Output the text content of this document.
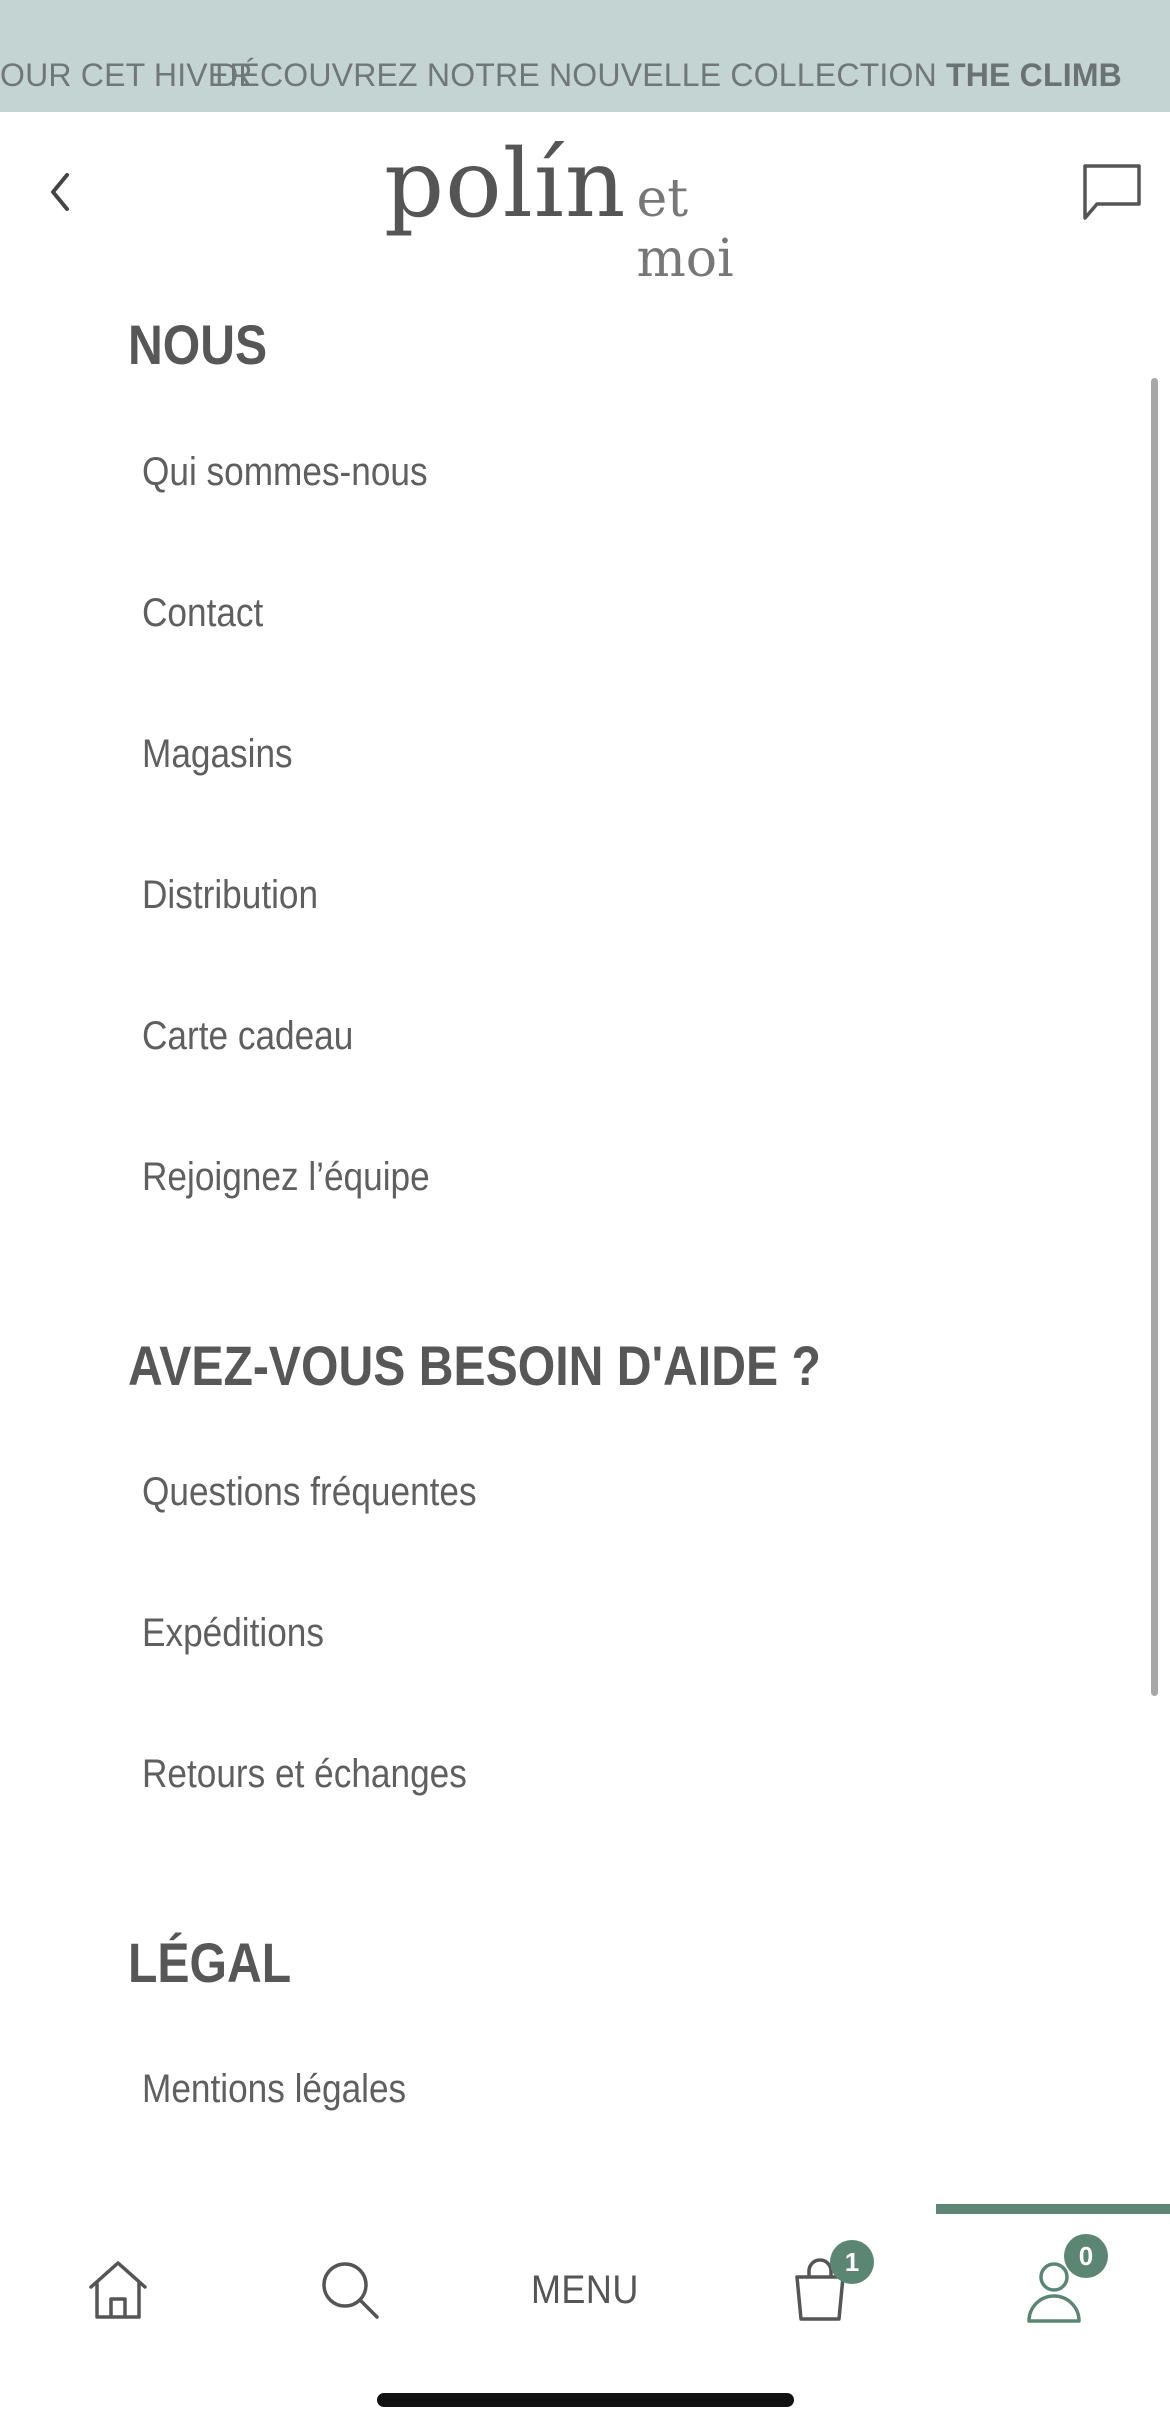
OUR CET HIVER
DÉCOUVREZ NOTRE NOUVELLE COLLECTION THE CLIMB
polín et moi
NOUS
Qui sommes-nous
Contact
Magasins
Distribution
Carte cadeau
Rejoignez l’équipe
AVEZ-VOUS BESOIN D'AIDE ?
Questions fréquentes
Expéditions
Retours et échanges
LÉGAL
Mentions légales
MENU
1	0
